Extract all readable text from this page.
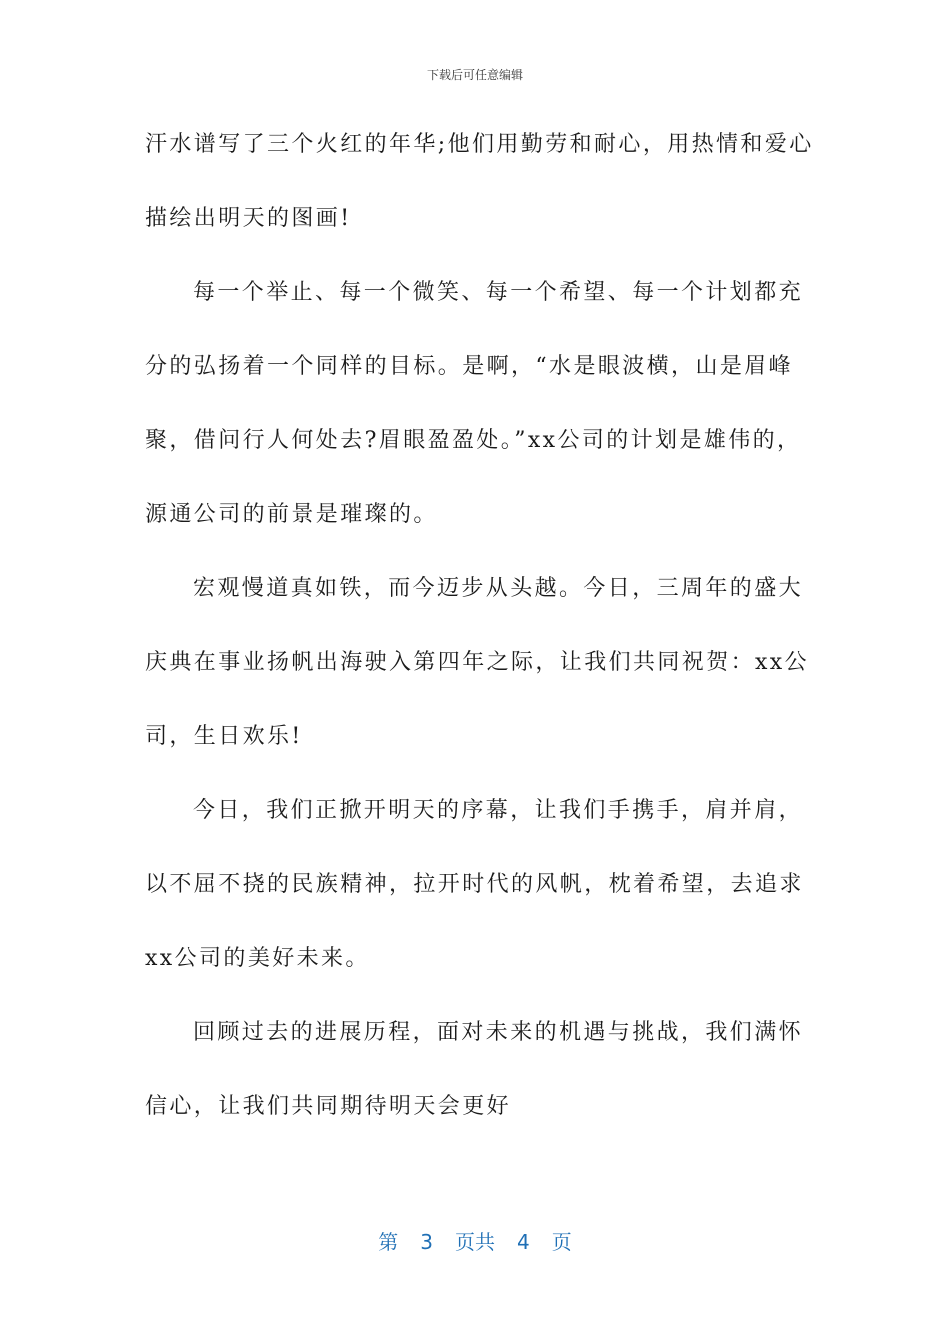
下载后可任意编辑
汗水谱写了三个火红的年华;他们用勤劳和耐心，用热情和爱心
描绘出明天的图画!
每一个举止、每一个微笑、每一个希望、每一个计划都充
分的弘扬着一个同样的目标。是啊，“水是眼波横，山是眉峰
聚，借问行人何处去?眉眼盈盈处。”xx公司的计划是雄伟的，
源通公司的前景是璀璨的。
宏观慢道真如铁，而今迈步从头越。今日，三周年的盛大
庆典在事业扬帆出海驶入第四年之际，让我们共同祝贺：xx公
司，生日欢乐!
今日，我们正掀开明天的序幕，让我们手携手，肩并肩，
以不屈不挠的民族精神，拉开时代的风帆，枕着希望，去追求
xx公司的美好未来。
回顾过去的进展历程，面对未来的机遇与挑战，我们满怀
信心，让我们共同期待明天会更好
第 3 页共 4 页
